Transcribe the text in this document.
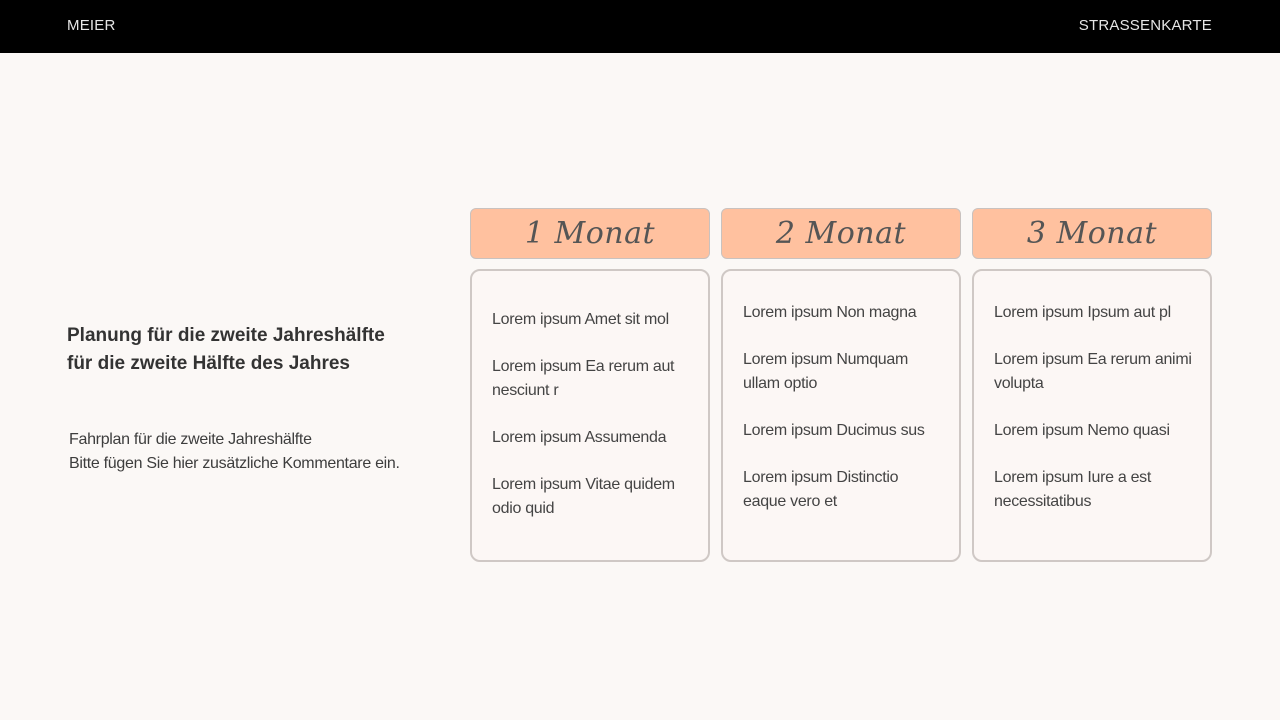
MEIER	STRASSENKARTE
Planung für die zweite Jahreshälfte
für die zweite Hälfte des Jahres
Fahrplan für die zweite Jahreshälfte
Bitte fügen Sie hier zusätzliche Kommentare ein.
1 Monat
Lorem ipsum Amet sit mol
Lorem ipsum Ea rerum aut nesciunt r
Lorem ipsum Assumenda
Lorem ipsum Vitae quidem odio quid
2 Monat
Lorem ipsum Non magna
Lorem ipsum Numquam ullam optio
Lorem ipsum Ducimus sus
Lorem ipsum Distinctio eaque vero et
3 Monat
Lorem ipsum Ipsum aut pl
Lorem ipsum Ea rerum animi volupta
Lorem ipsum Nemo quasi
Lorem ipsum Iure a est necessitatibus
